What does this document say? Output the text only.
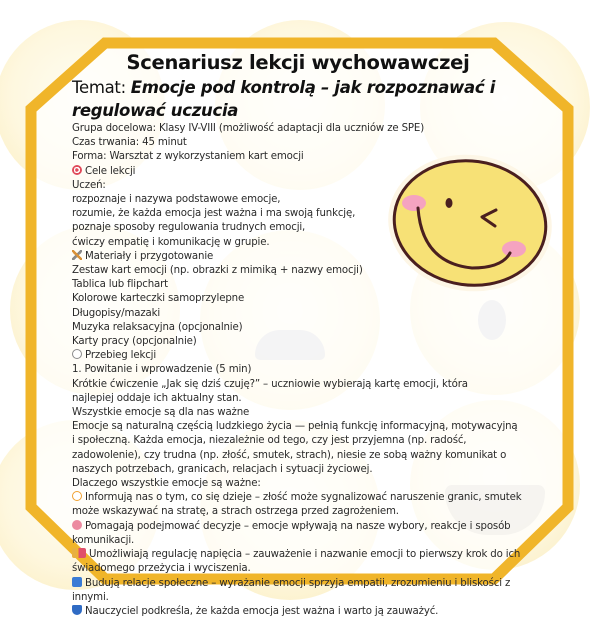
Scenariusz lekcji wychowawczej
Temat: Emocje pod kontrolą – jak rozpoznawać i regulować uczucia
Grupa docelowa: Klasy IV-VIII (możliwość adaptacji dla uczniów ze SPE)
Czas trwania: 45 minut
Forma: Warsztat z wykorzystaniem kart emocji
Cele lekcji
Uczeń:
rozpoznaje i nazywa podstawowe emocje,
rozumie, że każda emocja jest ważna i ma swoją funkcję,
poznaje sposoby regulowania trudnych emocji,
ćwiczy empatię i komunikację w grupie.
Materiały i przygotowanie
Zestaw kart emocji (np. obrazki z mimiką + nazwy emocji)
Tablica lub flipchart
Kolorowe karteczki samoprzylepne
Długopisy/mazaki
Muzyka relaksacyjna (opcjonalnie)
Karty pracy (opcjonalnie)
Przebieg lekcji
1. Powitanie i wprowadzenie (5 min)
Krótkie ćwiczenie „Jak się dziś czuję?” – uczniowie wybierają kartę emocji, która najlepiej oddaje ich aktualny stan.
Wszystkie emocje są dla nas ważne
Emocje są naturalną częścią ludzkiego życia — pełnią funkcję informacyjną, motywacyjną i społeczną. Każda emocja, niezależnie od tego, czy jest przyjemna (np. radość, zadowolenie), czy trudna (np. złość, smutek, strach), niesie ze sobą ważny komunikat o naszych potrzebach, granicach, relacjach i sytuacji życiowej.
Dlaczego wszystkie emocje są ważne:
Informują nas o tym, co się dzieje – złość może sygnalizować naruszenie granic, smutek może wskazywać na stratę, a strach ostrzega przed zagrożeniem.
Pomagają podejmować decyzje – emocje wpływają na nasze wybory, reakcje i sposób komunikacji.
Umożliwiają regulację napięcia – zauważenie i nazwanie emocji to pierwszy krok do ich świadomego przeżycia i wyciszenia.
Budują relacje społeczne – wyrażanie emocji sprzyja empatii, zrozumieniu i bliskości z innymi.
Nauczyciel podkreśla, że każda emocja jest ważna i warto ją zauważyć.
